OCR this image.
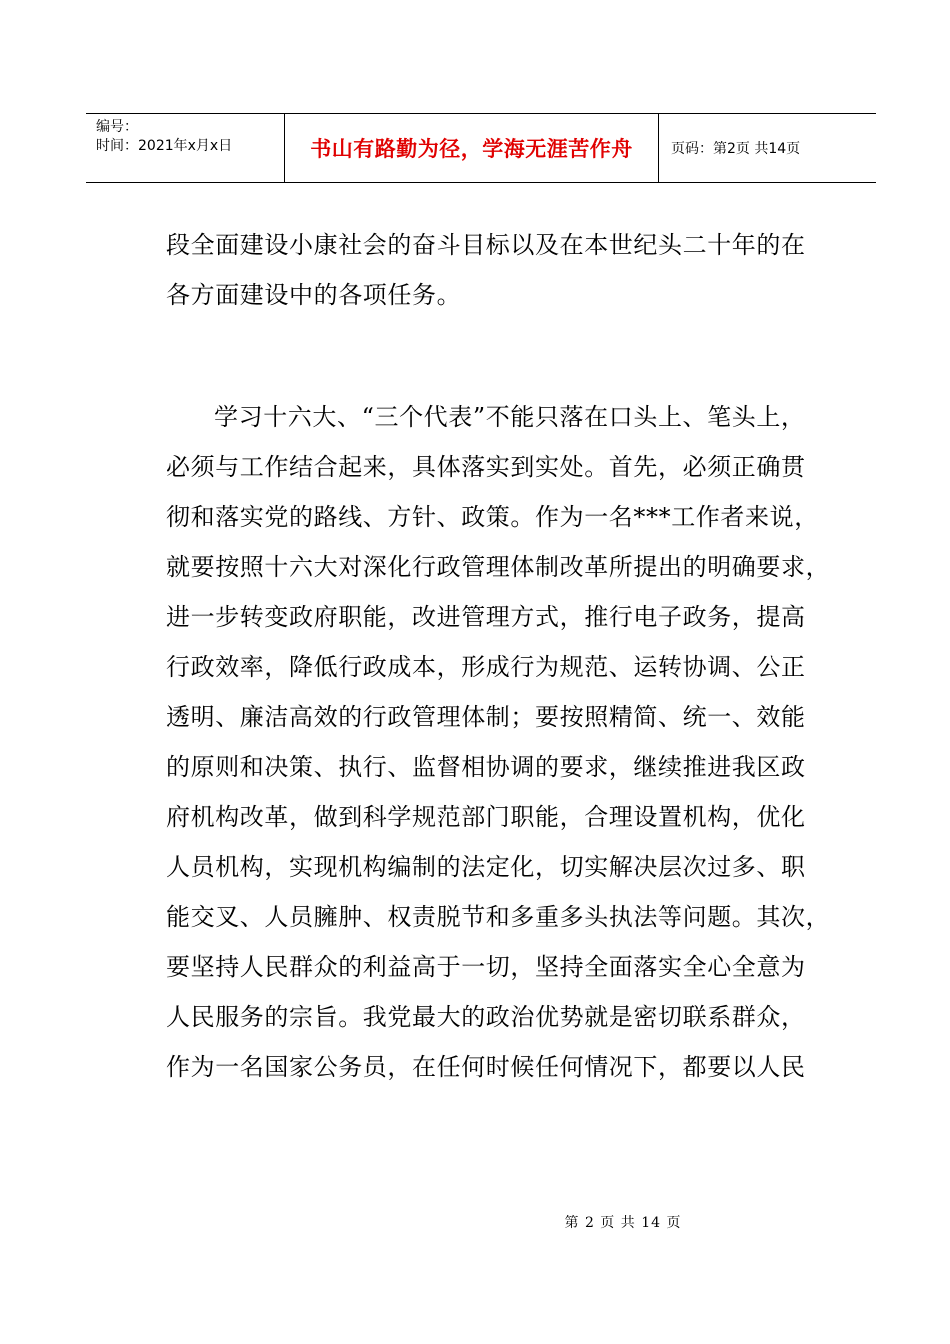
编号：
时间：2021年x月x日	书山有路勤为径，学海无涯苦作舟	页码：第2页 共14页
段全面建设小康社会的奋斗目标以及在本世纪头二十年的在
各方面建设中的各项任务。
学习十六大、“三个代表”不能只落在口头上、笔头上，
必须与工作结合起来，具体落实到实处。首先，必须正确贯
彻和落实党的路线、方针、政策。作为一名***工作者来说，
就要按照十六大对深化行政管理体制改革所提出的明确要求，
进一步转变政府职能，改进管理方式，推行电子政务，提高
行政效率，降低行政成本，形成行为规范、运转协调、公正
透明、廉洁高效的行政管理体制；要按照精简、统一、效能
的原则和决策、执行、监督相协调的要求，继续推进我区政
府机构改革，做到科学规范部门职能，合理设置机构，优化
人员机构，实现机构编制的法定化，切实解决层次过多、职
能交叉、人员臃肿、权责脱节和多重多头执法等问题。其次，
要坚持人民群众的利益高于一切，坚持全面落实全心全意为
人民服务的宗旨。我党最大的政治优势就是密切联系群众，
作为一名国家公务员，在任何时候任何情况下，都要以人民
第 2 页 共 14 页
